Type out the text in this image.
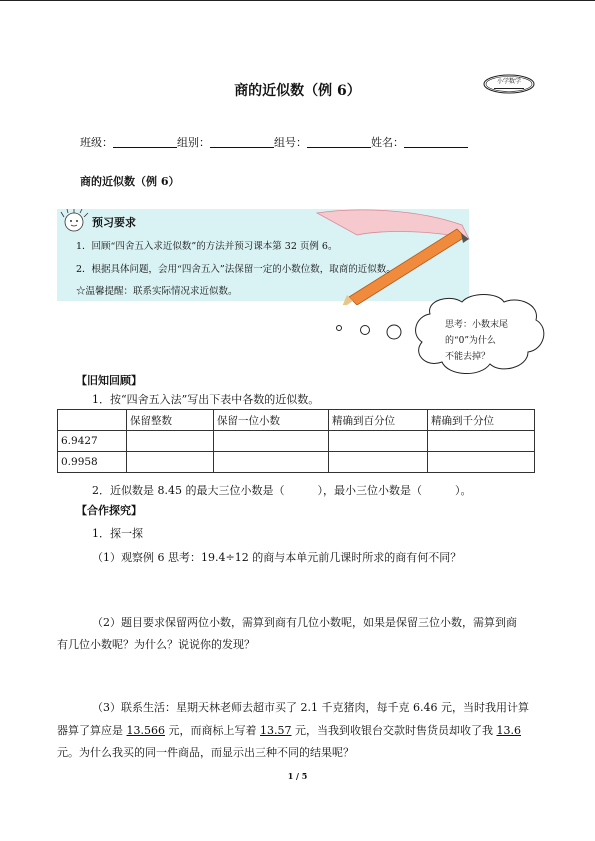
商的近似数（例 6）
小学数学
班级：	组别：	组号：	姓名：
商的近似数（例 6）
预习要求
1．回顾“四舍五入求近似数”的方法并预习课本第 32 页例 6。
2．根据具体问题，会用“四舍五入”法保留一定的小数位数，取商的近似数。
☆温馨提醒：联系实际情况求近似数。
思考：小数末尾
的“0”为什么
不能去掉？
【旧知回顾】
1．按“四舍五入法”写出下表中各数的近似数。
	保留整数	保留一位小数	精确到百分位	精确到千分位
6.9427				
0.9958				
2．近似数是 8.45 的最大三位小数是（　　　），最小三位小数是（　　　）。
【合作探究】
1．探一探
（1）观察例 6 思考：19.4÷12 的商与本单元前几课时所求的商有何不同？
（2）题目要求保留两位小数，需算到商有几位小数呢，如果是保留三位小数，需算到商
有几位小数呢？为什么？说说你的发现？
（3）联系生活：星期天林老师去超市买了 2.1 千克猪肉，每千克 6.46 元，当时我用计算
器算了算应是 13.566 元，而商标上写着 13.57 元，当我到收银台交款时售货员却收了我 13.6
元。为什么我买的同一件商品，而显示出三种不同的结果呢？
1 / 5
